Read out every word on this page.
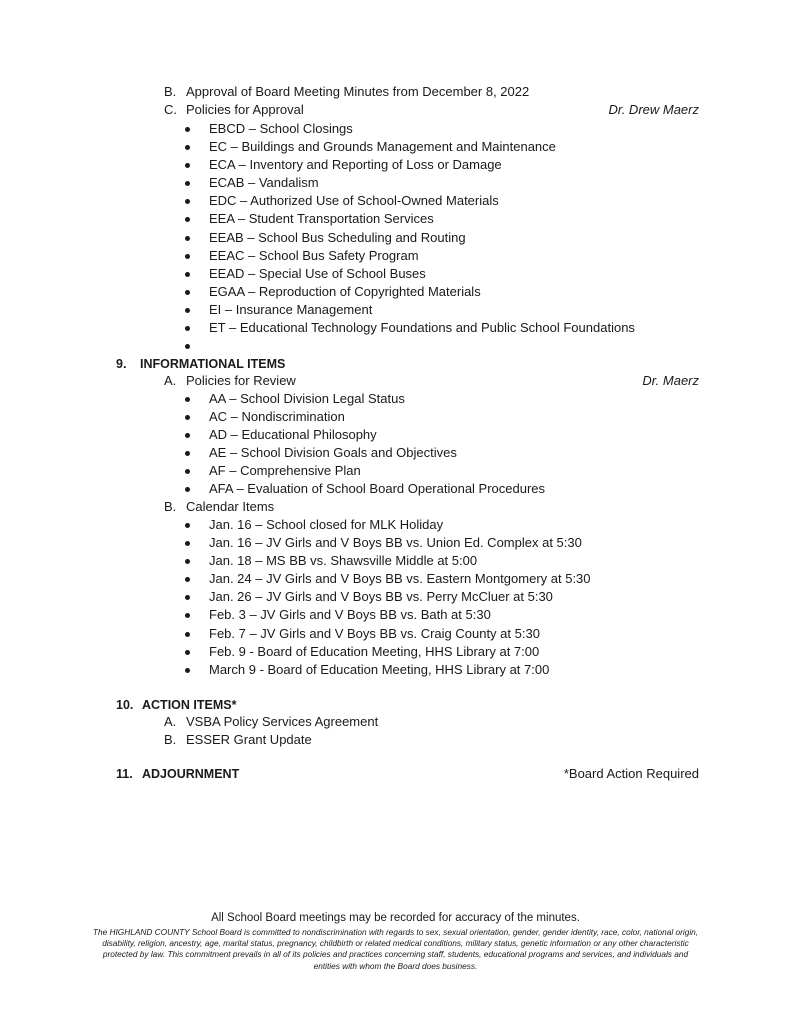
B. Approval of Board Meeting Minutes from December 8, 2022
C. Policies for Approval	Dr. Drew Maerz
EBCD – School Closings
EC – Buildings and Grounds Management and Maintenance
ECA – Inventory and Reporting of Loss or Damage
ECAB – Vandalism
EDC – Authorized Use of School-Owned Materials
EEA – Student Transportation Services
EEAB – School Bus Scheduling and Routing
EEAC – School Bus Safety Program
EEAD – Special Use of School Buses
EGAA – Reproduction of Copyrighted Materials
EI – Insurance Management
ET – Educational Technology Foundations and Public School Foundations
9. INFORMATIONAL ITEMS
A. Policies for Review	Dr. Maerz
AA – School Division Legal Status
AC – Nondiscrimination
AD – Educational Philosophy
AE – School Division Goals and Objectives
AF – Comprehensive Plan
AFA – Evaluation of School Board Operational Procedures
B. Calendar Items
Jan. 16 – School closed for MLK Holiday
Jan. 16 – JV Girls and V Boys BB vs. Union Ed. Complex at 5:30
Jan. 18 – MS BB vs. Shawsville Middle at 5:00
Jan. 24 – JV Girls and V Boys BB vs. Eastern Montgomery at 5:30
Jan. 26 – JV Girls and V Boys BB vs. Perry McCluer at 5:30
Feb. 3 – JV Girls and V Boys BB vs. Bath at 5:30
Feb. 7 – JV Girls and V Boys BB vs. Craig County at 5:30
Feb. 9 - Board of Education Meeting, HHS Library at 7:00
March 9 - Board of Education Meeting, HHS Library at 7:00
10. ACTION ITEMS*
A. VSBA Policy Services Agreement
B. ESSER Grant Update
11. ADJOURNMENT	*Board Action Required
All School Board meetings may be recorded for accuracy of the minutes.
The HIGHLAND COUNTY School Board is committed to nondiscrimination with regards to sex, sexual orientation, gender, gender identity, race, color, national origin, disability, religion, ancestry, age, marital status, pregnancy, childbirth or related medical conditions, military status, genetic information or any other characteristic protected by law. This commitment prevails in all of its policies and practices concerning staff, students, educational programs and services, and individuals and entities with whom the Board does business.
